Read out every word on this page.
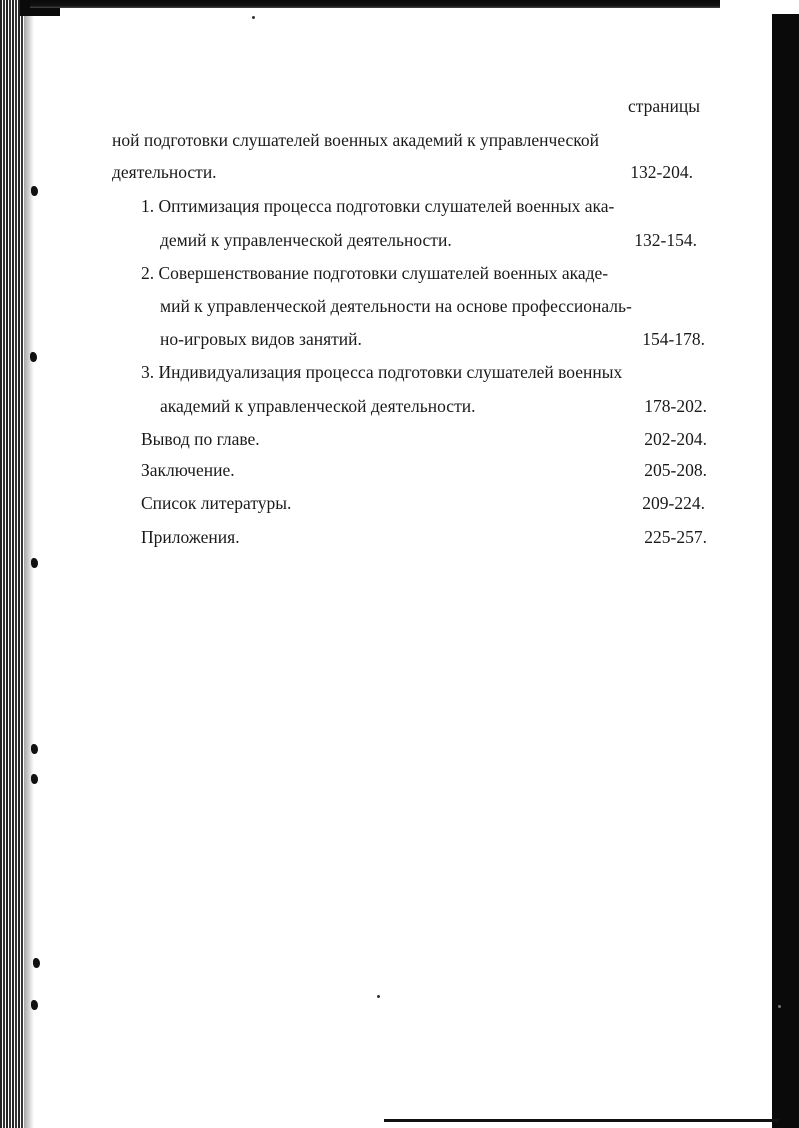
страницы
ной подготовки слушателей военных академий к управленческой
деятельности.	132-204.
1. Оптимизация процесса подготовки слушателей военных ака-
демий к управленческой деятельности.	132-154.
2. Совершенствование подготовки слушателей военных акаде-
мий к управленческой деятельности на основе профессиональ-
но-игровых видов занятий.	154-178.
3. Индивидуализация процесса подготовки слушателей военных
академий к управленческой деятельности.	178-202.
Вывод по главе.	202-204.
Заключение.	205-208.
Список литературы.	209-224.
Приложения.	225-257.
